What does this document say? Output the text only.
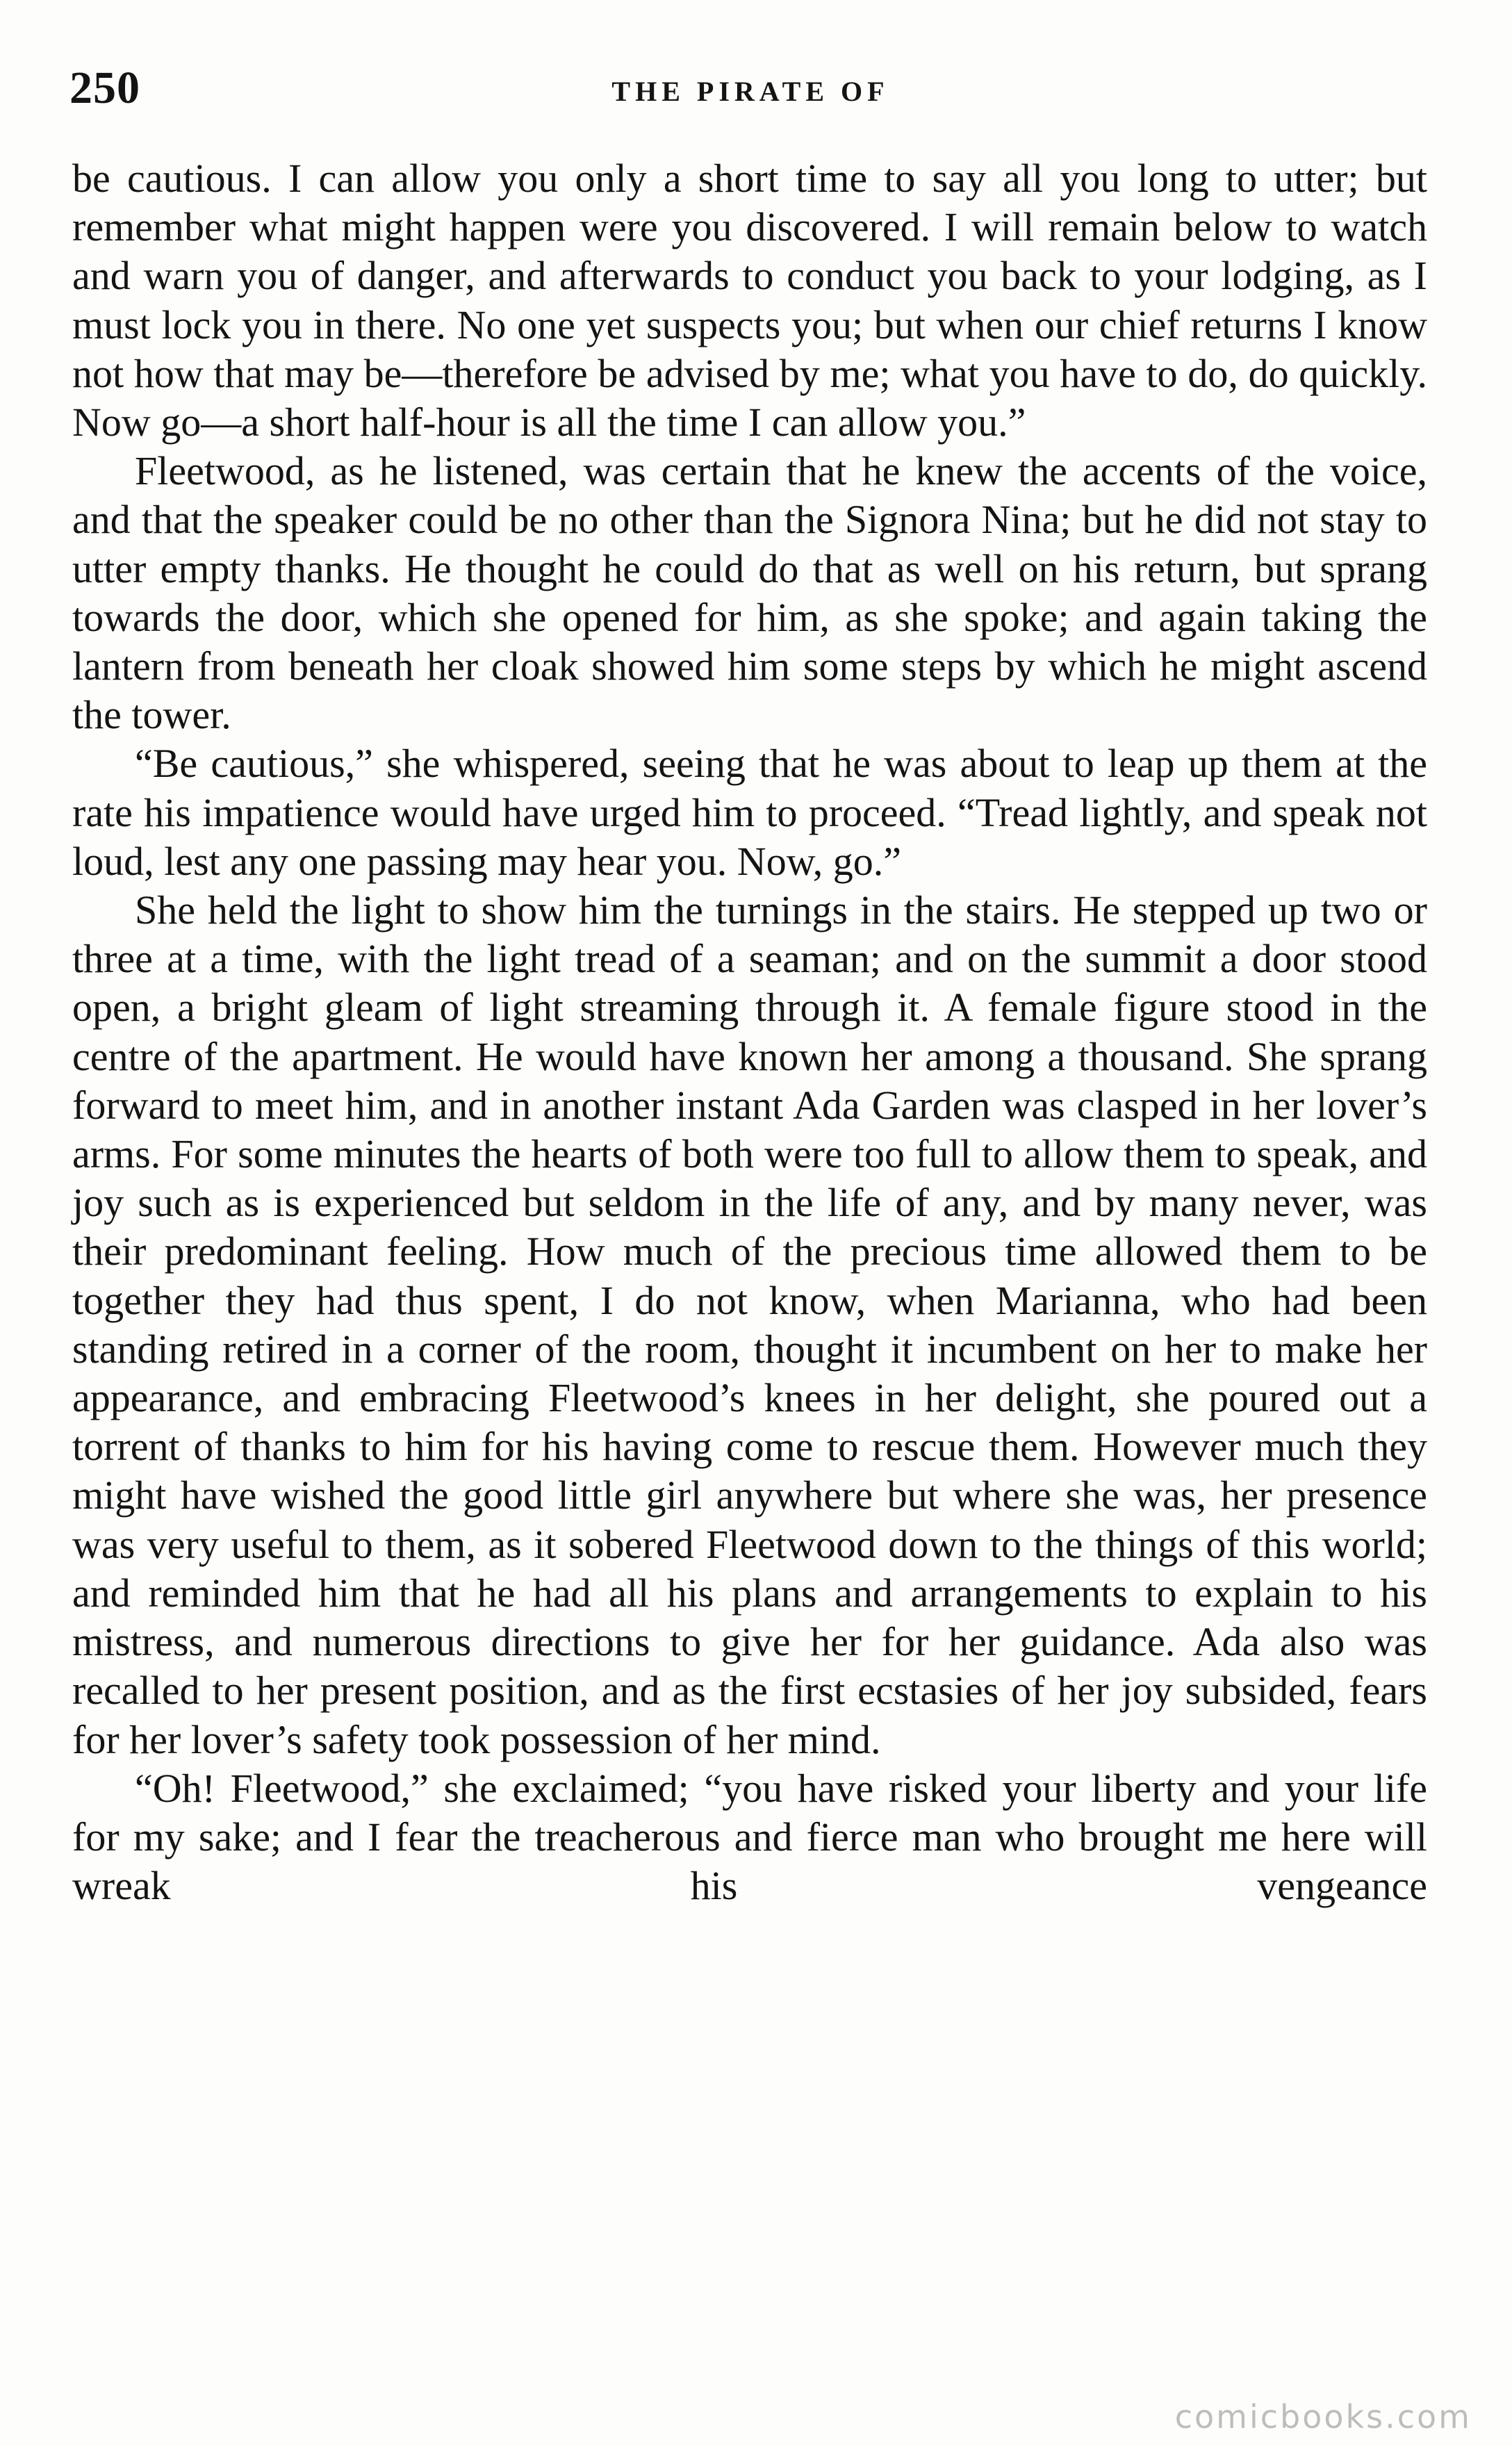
250	THE PIRATE OF

be cautious. I can allow you only a short time to say all you long to utter; but remember what might happen were you discovered. I will remain below to watch and warn you of danger, and afterwards to conduct you back to your lodging, as I must lock you in there. No one yet suspects you; but when our chief returns I know not how that may be—therefore be advised by me; what you have to do, do quickly. Now go—a short half-hour is all the time I can allow you.”

Fleetwood, as he listened, was certain that he knew the accents of the voice, and that the speaker could be no other than the Signora Nina; but he did not stay to utter empty thanks. He thought he could do that as well on his return, but sprang towards the door, which she opened for him, as she spoke; and again taking the lantern from beneath her cloak showed him some steps by which he might ascend the tower.

“Be cautious,” she whispered, seeing that he was about to leap up them at the rate his impatience would have urged him to proceed. “Tread lightly, and speak not loud, lest any one passing may hear you. Now, go.”

She held the light to show him the turnings in the stairs. He stepped up two or three at a time, with the light tread of a seaman; and on the summit a door stood open, a bright gleam of light streaming through it. A female figure stood in the centre of the apartment. He would have known her among a thousand. She sprang forward to meet him, and in another instant Ada Garden was clasped in her lover’s arms. For some minutes the hearts of both were too full to allow them to speak, and joy such as is experienced but seldom in the life of any, and by many never, was their predominant feeling. How much of the precious time allowed them to be together they had thus spent, I do not know, when Marianna, who had been standing retired in a corner of the room, thought it incumbent on her to make her appearance, and embracing Fleetwood’s knees in her delight, she poured out a torrent of thanks to him for his having come to rescue them. However much they might have wished the good little girl anywhere but where she was, her presence was very useful to them, as it sobered Fleetwood down to the things of this world; and reminded him that he had all his plans and arrangements to explain to his mistress, and numerous directions to give her for her guidance. Ada also was recalled to her present position, and as the first ecstasies of her joy subsided, fears for her lover’s safety took possession of her mind.

“Oh! Fleetwood,” she exclaimed; “you have risked your liberty and your life for my sake; and I fear the treacherous and fierce man who brought me here will wreak his vengeance

comicbooks.com
